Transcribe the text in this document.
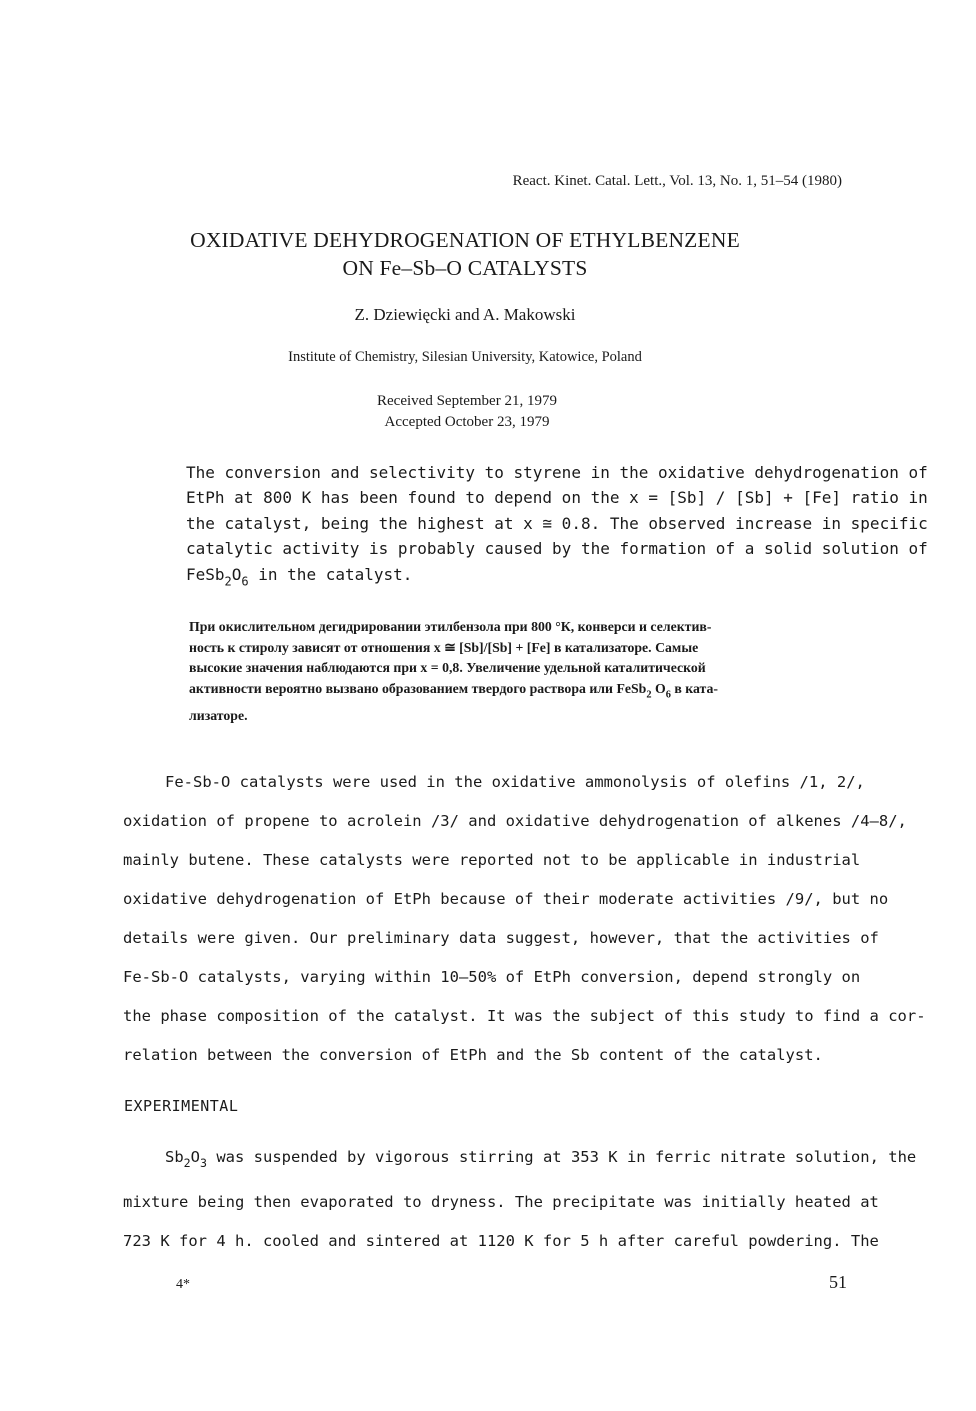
React. Kinet. Catal. Lett., Vol. 13, No. 1, 51–54 (1980)
OXIDATIVE DEHYDROGENATION OF ETHYLBENZENE
ON Fe–Sb–O CATALYSTS
Z. Dziewięcki and A. Makowski
Institute of Chemistry, Silesian University, Katowice, Poland
Received September 21, 1979
Accepted October 23, 1979
The conversion and selectivity to styrene in the oxidative dehydrogenation of
EtPh at 800 K has been found to depend on the x = [Sb] / [Sb] + [Fe] ratio in
the catalyst, being the highest at x ≅ 0.8. The observed increase in specific
catalytic activity is probably caused by the formation of a solid solution of
$FeSb_2O_6$ in the catalyst.
При окислительном дегидрировании этилбензола при 800 °К, конверси и селектив-
ность к стиролу зависят от отношения x ≅ [Sb]/[Sb] + [Fe] в катализаторе. Самые
высокие значения наблюдаются при x = 0,8. Увеличение удельной каталитической
активности вероятно вызвано образованием твердого раствора или FeSb$_2$ $O_6$ в ката-
лизаторе.
Fe-Sb-O catalysts were used in the oxidative ammonolysis of olefins /1, 2/,
oxidation of propene to acrolein /3/ and oxidative dehydrogenation of alkenes /4–8/,
mainly butene. These catalysts were reported not to be applicable in industrial
oxidative dehydrogenation of EtPh because of their moderate activities /9/, but no
details were given. Our preliminary data suggest, however, that the activities of
Fe-Sb-O catalysts, varying within 10–50% of EtPh conversion, depend strongly on
the phase composition of the catalyst. It was the subject of this study to find a cor-
relation between the conversion of EtPh and the Sb content of the catalyst.
EXPERIMENTAL
$Sb_2O_3$ was suspended by vigorous stirring at 353 K in ferric nitrate solution, the
mixture being then evaporated to dryness. The precipitate was initially heated at
723 K for 4 h. cooled and sintered at 1120 K for 5 h after careful powdering. The
4*	51
